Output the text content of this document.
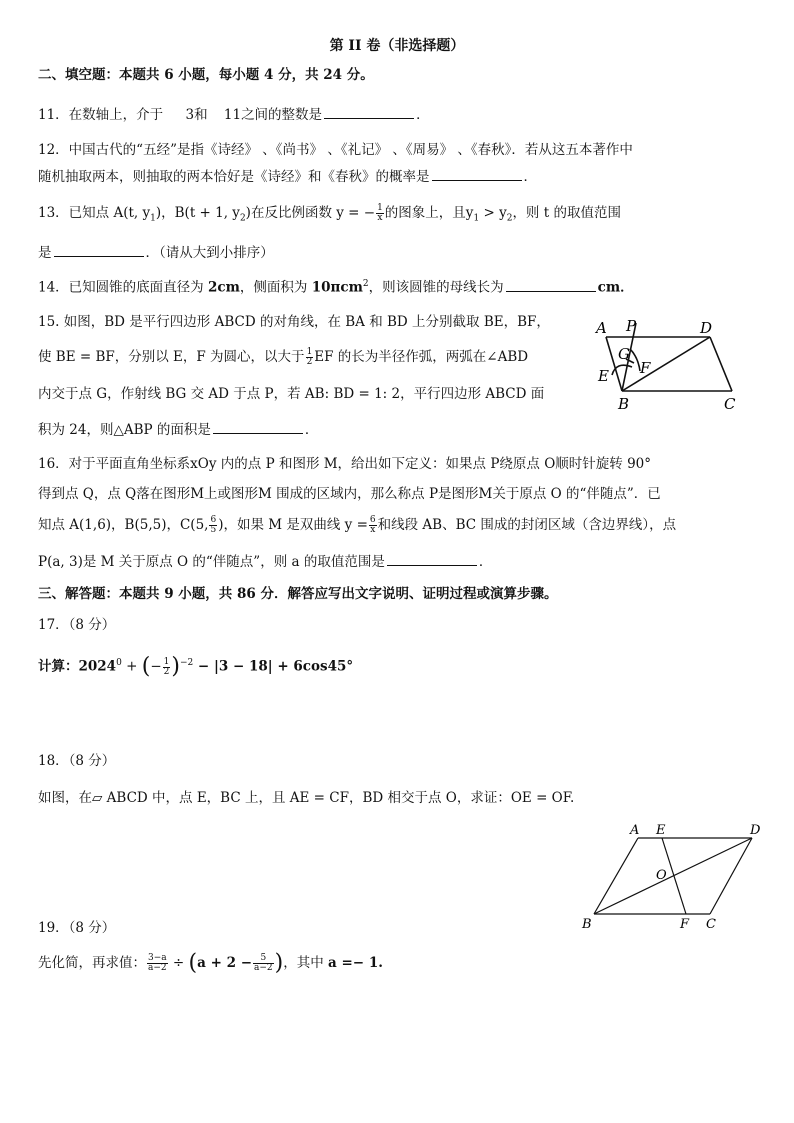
第 II 卷（非选择题）
二、填空题：本题共 6 小题，每小题 4 分，共 24 分。
11．在数轴上，介于 3和 11之间的整数是	．
12．中国古代的“五经”是指《诗经》 、《尚书》 、《礼记》 、《周易》 、《春秋》．若从这五本著作中
随机抽取两本，则抽取的两本恰好是《诗经》和《春秋》的概率是	．
13．已知点 A(t, $y_1$)，B(t + 1, $y_2$)在反比例函数 y = − $\frac{1}{x}$ 的图象上，且$y_1 > y_2$，则 t 的取值范围
是	．（请从大到小排序）
14．已知圆锥的底面直径为 2cm，侧面积为 10πcm$^2$，则该圆锥的母线长为	cm．
15. 如图，BD 是平行四边形 ABCD 的对角线，在 BA 和 BD 上分别截取 BE，BF，
使 BE = BF，分别以 E，F 为圆心，以大于 $\frac{1}{2}$ EF 的长为半径作弧，两弧在∠ABD
内交于点 G，作射线 BG 交 AD 于点 P，若 AB: BD = 1: 2，平行四边形 ABCD 面
积为 24，则△ABP 的面积是	．
A P	D
G
F
E
B	C
16．对于平面直角坐标系xOy 内的点 P 和图形 M，给出如下定义：如果点 P绕原点 O顺时针旋转 90°
得到点 Q，点 Q落在图形M上或图形M 围成的区域内，那么称点 P是图形M关于原点 O 的“伴随点”．已
知点 A(1,6)，B(5,5)，C(5, $\frac{6}{5}$ )，如果 M 是双曲线 $y = \frac{6}{x}$ 和线段 AB、BC 围成的封闭区域（含边界线），点
P(a, 3)是 M 关于原点 O 的“伴随点”，则 a 的取值范围是	．
三、解答题：本题共 9 小题，共 86 分．解答应写出文字说明、证明过程或演算步骤。
17．（8 分）
计算：$2024^0$ + (− $\frac{1}{2} )^{-2} - |3 - 18| + 6\cos 45^\circ$
18．（8 分）
如图，在▱ ABCD 中，点 E，BC 上，且 AE = CF，BD 相交于点 O，求证：OE = OF.
A E	D
O
B	F C
19．（8 分）
先化简，再求值： $\frac{3-a}{a-2} \div (a + 2 - \frac{5}{a-2}$ )，其中 a =− 1.
